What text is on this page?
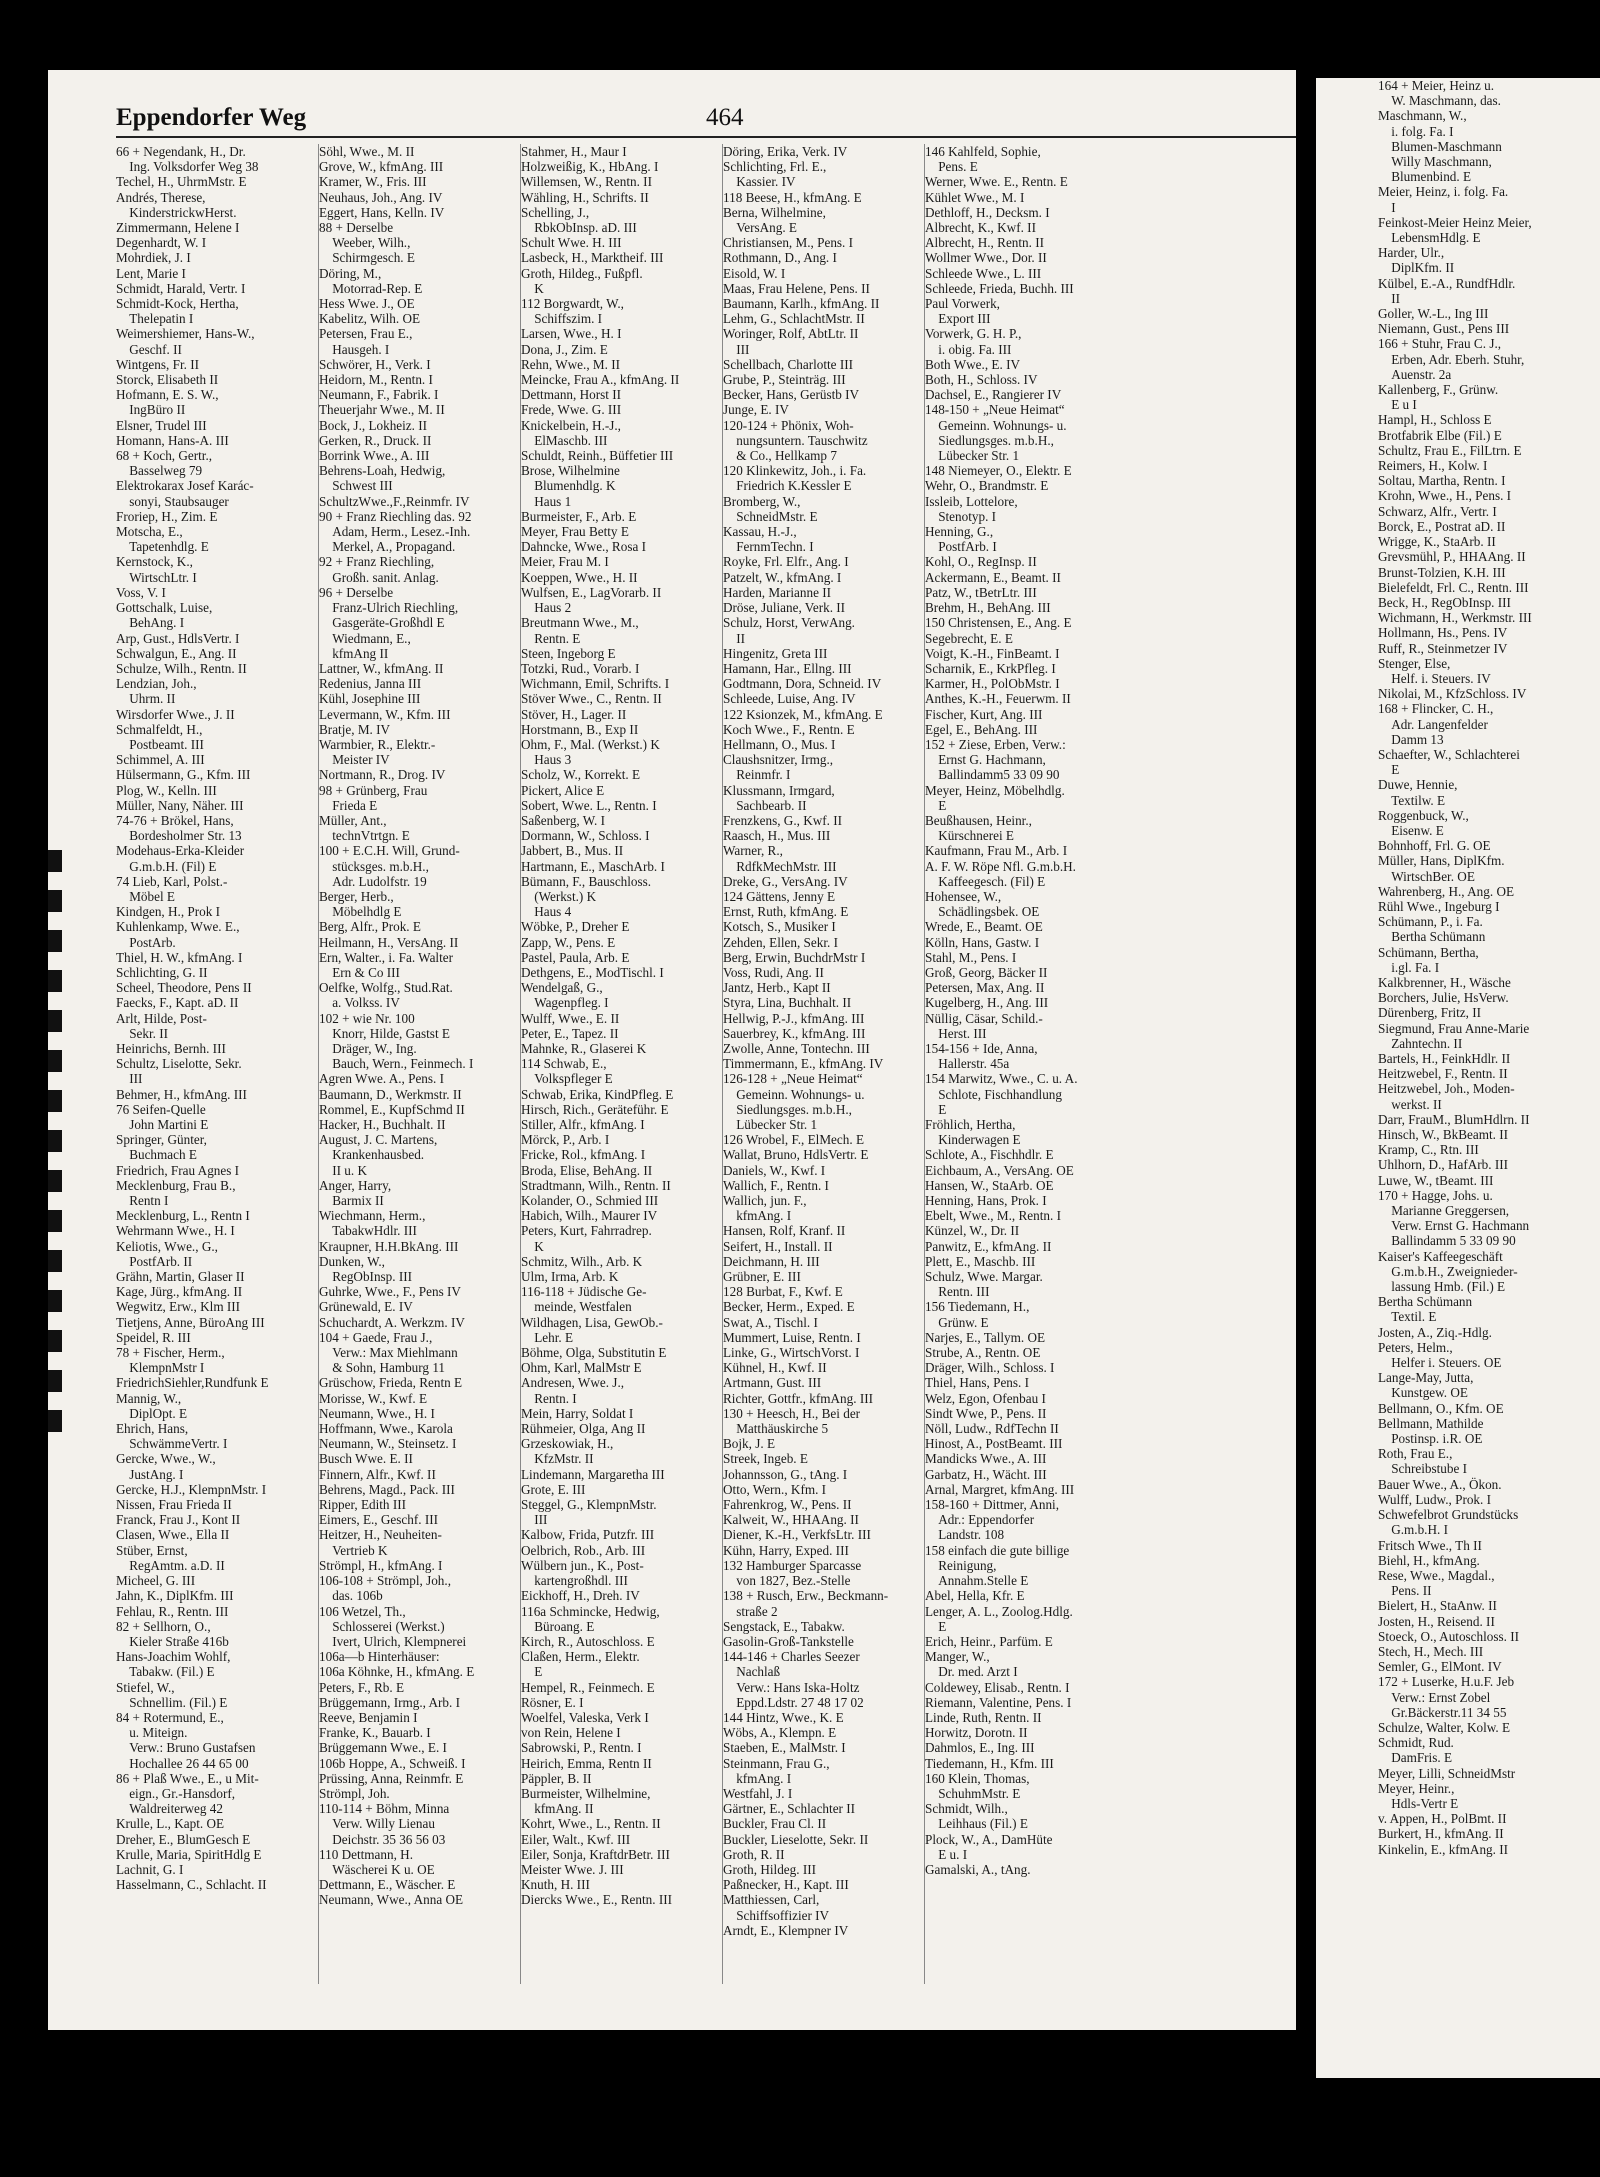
Eppendorfer Weg	464
66 + Negendank, H., Dr.
 Ing. Volksdorfer Weg 38
Techel, H., UhrmMstr. E
Andrés, Therese,
 KinderstrickwHerst.
Zimmermann, Helene I
Degenhardt, W. I
Mohrdiek, J. I
Lent, Marie I
Schmidt, Harald, Vertr. I
Schmidt-Kock, Hertha,
 Thelepatin I
Weimershiemer, Hans-W.,
 Geschf. II
Wintgens, Fr. II
Storck, Elisabeth II
Hofmann, E. S. W.,
 IngBüro II
Elsner, Trudel III
Homann, Hans-A. III
68 + Koch, Gertr.,
 Basselweg 79
Elektrokarax Josef Karác-
 sonyi, Staubsauger
Froriep, H., Zim. E
Motscha, E.,
 Tapetenhdlg. E
Kernstock, K.,
 WirtschLtr. I
Voss, V. I
Gottschalk, Luise,
 BehAng. I
Arp, Gust., HdlsVertr. I
Schwalgun, E., Ang. II
Schulze, Wilh., Rentn. II
Lendzian, Joh.,
 Uhrm. II
Wirsdorfer Wwe., J. II
Schmalfeldt, H.,
 Postbeamt. III
Schimmel, A. III
Hülsermann, G., Kfm. III
Plog, W., Kelln. III
Müller, Nany, Näher. III
74-76 + Brökel, Hans,
 Bordesholmer Str. 13
Modehaus-Erka-Kleider
 G.m.b.H. (Fil) E
74 Lieb, Karl, Polst.-
 Möbel E
Kindgen, H., Prok I
Kuhlenkamp, Wwe. E.,
 PostArb.
Thiel, H. W., kfmAng. I
Schlichting, G. II
Scheel, Theodore, Pens II
Faecks, F., Kapt. aD. II
Arlt, Hilde, Post-
 Sekr. II
Heinrichs, Bernh. III
Schultz, Liselotte, Sekr.
 III
Behmer, H., kfmAng. III
76 Seifen-Quelle
 John Martini E
Springer, Günter,
 Buchmach E
Friedrich, Frau Agnes I
Mecklenburg, Frau B.,
 Rentn I
Mecklenburg, L., Rentn I
Wehrmann Wwe., H. I
Keliotis, Wwe., G.,
 PostfArb. II
Grähn, Martin, Glaser II
Kage, Jürg., kfmAng. II
Wegwitz, Erw., Klm III
Tietjens, Anne, BüroAng III
Speidel, R. III
78 + Fischer, Herm.,
 KlempnMstr I
FriedrichSiehler,Rundfunk E
Mannig, W.,
 DiplOpt. E
Ehrich, Hans,
 SchwämmeVertr. I
Gercke, Wwe., W.,
 JustAng. I
Gercke, H.J., KlempnMstr. I
Nissen, Frau Frieda II
Franck, Frau J., Kont II
Clasen, Wwe., Ella II
Stüber, Ernst,
 RegAmtm. a.D. II
Micheel, G. III
Jahn, K., DiplKfm. III
Fehlau, R., Rentn. III
82 + Sellhorn, O.,
 Kieler Straße 416b
Hans-Joachim Wohlf,
 Tabakw. (Fil.) E
Stiefel, W.,
 Schnellim. (Fil.) E
84 + Rotermund, E.,
 u. Miteign.
 Verw.: Bruno Gustafsen
 Hochallee 26 44 65 00
86 + Plaß Wwe., E., u Mit-
 eign., Gr.-Hansdorf,
 Waldreiterweg 42
Krulle, L., Kapt. OE
Dreher, E., BlumGesch E
Krulle, Maria, SpiritHdlg E
Lachnit, G. I
Hasselmann, C., Schlacht. II
Söhl, Wwe., M. II
Grove, W., kfmAng. III
Kramer, W., Fris. III
Neuhaus, Joh., Ang. IV
Eggert, Hans, Kelln. IV
88 + Derselbe
 Weeber, Wilh.,
 Schirmgesch. E
Döring, M.,
 Motorrad-Rep. E
Hess Wwe. J., OE
Kabelitz, Wilh. OE
Petersen, Frau E.,
 Hausgeh. I
Schwörer, H., Verk. I
Heidorn, M., Rentn. I
Neumann, F., Fabrik. I
Theuerjahr Wwe., M. II
Bock, J., Lokheiz. II
Gerken, R., Druck. II
Borrink Wwe., A. III
Behrens-Loah, Hedwig,
 Schwest III
SchultzWwe.,F.,Reinmfr. IV
90 + Franz Riechling das. 92
 Adam, Herm., Lesez.-Inh.
 Merkel, A., Propagand.
92 + Franz Riechling,
 Großh. sanit. Anlag.
96 + Derselbe
 Franz-Ulrich Riechling,
 Gasgeräte-Großhdl E
 Wiedmann, E.,
 kfmAng II
Lattner, W., kfmAng. II
Redenius, Janna III
Kühl, Josephine III
Levermann, W., Kfm. III
Bratje, M. IV
Warmbier, R., Elektr.-
 Meister IV
Nortmann, R., Drog. IV
98 + Grünberg, Frau
 Frieda E
Müller, Ant.,
 technVtrtgn. E
100 + E.C.H. Will, Grund-
 stücksges. m.b.H.,
 Adr. Ludolfstr. 19
Berger, Herb.,
 Möbelhdlg E
Berg, Alfr., Prok. E
Heilmann, H., VersAng. II
Ern, Walter., i. Fa. Walter
 Ern & Co III
Oelfke, Wolfg., Stud.Rat.
 a. Volkss. IV
102 + wie Nr. 100
 Knorr, Hilde, Gastst E
 Dräger, W., Ing.
 Bauch, Wern., Feinmech. I
Agren Wwe. A., Pens. I
Baumann, D., Werkmstr. II
Rommel, E., KupfSchmd II
Hacker, H., Buchhalt. II
August, J. C. Martens,
 Krankenhausbed.
 II u. K
Anger, Harry,
 Barmix II
Wiechmann, Herm.,
 TabakwHdlr. III
Kraupner, H.H.BkAng. III
Dunken, W.,
 RegObInsp. III
Guhrke, Wwe., F., Pens IV
Grünewald, E. IV
Schuchardt, A. Werkzm. IV
104 + Gaede, Frau J.,
 Verw.: Max Miehlmann
 & Sohn, Hamburg 11
Grüschow, Frieda, Rentn E
Morisse, W., Kwf. E
Neumann, Wwe., H. I
Hoffmann, Wwe., Karola
Neumann, W., Steinsetz. I
Busch Wwe. E. II
Finnern, Alfr., Kwf. II
Behrens, Magd., Pack. III
Ripper, Edith III
Eimers, E., Geschf. III
Heitzer, H., Neuheiten-
 Vertrieb K
Strömpl, H., kfmAng. I
106-108 + Strömpl, Joh.,
 das. 106b
106 Wetzel, Th.,
 Schlosserei (Werkst.)
 Ivert, Ulrich, Klempnerei
106a—b Hinterhäuser:
106a Köhnke, H., kfmAng. E
Peters, F., Rb. E
Brüggemann, Irmg., Arb. I
Reeve, Benjamin I
Franke, K., Bauarb. I
Brüggemann Wwe., E. I
106b Hoppe, A., Schweiß. I
Prüssing, Anna, Reinmfr. E
Strömpl, Joh.
110-114 + Böhm, Minna
 Verw. Willy Lienau
 Deichstr. 35 36 56 03
110 Dettmann, H.
 Wäscherei K u. OE
Dettmann, E., Wäscher. E
Neumann, Wwe., Anna OE
Stahmer, H., Maur I
Holzweißig, K., HbAng. I
Willemsen, W., Rentn. II
Wähling, H., Schrifts. II
Schelling, J.,
 RbkObInsp. aD. III
Schult Wwe. H. III
Lasbeck, H., Marktheif. III
Groth, Hildeg., Fußpfl.
 K
112 Borgwardt, W.,
 Schiffszim. I
Larsen, Wwe., H. I
Dona, J., Zim. E
Rehn, Wwe., M. II
Meincke, Frau A., kfmAng. II
Dettmann, Horst II
Frede, Wwe. G. III
Knickelbein, H.-J.,
 ElMaschb. III
Schuldt, Reinh., Büffetier III
Brose, Wilhelmine
 Blumenhdlg. K
 Haus 1
Burmeister, F., Arb. E
Meyer, Frau Betty E
Dahncke, Wwe., Rosa I
Meier, Frau M. I
Koeppen, Wwe., H. II
Wulfsen, E., LagVorarb. II
 Haus 2
Breutmann Wwe., M.,
 Rentn. E
Steen, Ingeborg E
Totzki, Rud., Vorarb. I
Wichmann, Emil, Schrifts. I
Stöver Wwe., C., Rentn. II
Stöver, H., Lager. II
Horstmann, B., Exp II
Ohm, F., Mal. (Werkst.) K
 Haus 3
Scholz, W., Korrekt. E
Pickert, Alice E
Sobert, Wwe. L., Rentn. I
Saßenberg, W. I
Dormann, W., Schloss. I
Jabbert, B., Mus. II
Hartmann, E., MaschArb. I
Bümann, F., Bauschloss.
 (Werkst.) K
 Haus 4
Wöbke, P., Dreher E
Zapp, W., Pens. E
Pastel, Paula, Arb. E
Dethgens, E., ModTischl. I
Wendelgaß, G.,
 Wagenpfleg. I
Wulff, Wwe., E. II
Peter, E., Tapez. II
Mahnke, R., Glaserei K
114 Schwab, E.,
 Volkspfleger E
Schwab, Erika, KindPfleg. E
Hirsch, Rich., Geräteführ. E
Stiller, Alfr., kfmAng. I
Mörck, P., Arb. I
Fricke, Rol., kfmAng. I
Broda, Elise, BehAng. II
Stradtmann, Wilh., Rentn. II
Kolander, O., Schmied III
Habich, Wilh., Maurer IV
Peters, Kurt, Fahrradrep.
 K
Schmitz, Wilh., Arb. K
Ulm, Irma, Arb. K
116-118 + Jüdische Ge-
 meinde, Westfalen
Wildhagen, Lisa, GewOb.-
 Lehr. E
Böhme, Olga, Substitutin E
Ohm, Karl, MalMstr E
Andresen, Wwe. J.,
 Rentn. I
Mein, Harry, Soldat I
Rühmeier, Olga, Ang II
Grzeskowiak, H.,
 KfzMstr. II
Lindemann, Margaretha III
Grote, E. III
Steggel, G., KlempnMstr.
 III
Kalbow, Frida, Putzfr. III
Oelbrich, Rob., Arb. III
Wülbern jun., K., Post-
 kartengroßhdl. III
Eickhoff, H., Dreh. IV
116a Schmincke, Hedwig,
 Büroang. E
Kirch, R., Autoschloss. E
Claßen, Herm., Elektr.
 E
Hempel, R., Feinmech. E
Rösner, E. I
Woelfel, Valeska, Verk I
von Rein, Helene I
Sabrowski, P., Rentn. I
Heirich, Emma, Rentn II
Päppler, B. II
Burmeister, Wilhelmine,
 kfmAng. II
Kohrt, Wwe., L., Rentn. II
Eiler, Walt., Kwf. III
Eiler, Sonja, KraftdrBetr. III
Meister Wwe. J. III
Knuth, H. III
Diercks Wwe., E., Rentn. III
Döring, Erika, Verk. IV
Schlichting, Frl. E.,
 Kassier. IV
118 Beese, H., kfmAng. E
Berna, Wilhelmine,
 VersAng. E
Christiansen, M., Pens. I
Rothmann, D., Ang. I
Eisold, W. I
Maas, Frau Helene, Pens. II
Baumann, Karlh., kfmAng. II
Lehm, G., SchlachtMstr. II
Woringer, Rolf, AbtLtr. II
 III
Schellbach, Charlotte III
Grube, P., Steinträg. III
Becker, Hans, Gerüstb IV
Junge, E. IV
120-124 + Phönix, Woh-
 nungsuntern. Tauschwitz
 & Co., Hellkamp 7
120 Klinkewitz, Joh., i. Fa.
 Friedrich K.Kessler E
Bromberg, W.,
 SchneidMstr. E
Kassau, H.-J.,
 FernmTechn. I
Royke, Frl. Elfr., Ang. I
Patzelt, W., kfmAng. I
Harden, Marianne II
Dröse, Juliane, Verk. II
Schulz, Horst, VerwAng.
 II
Hingenitz, Greta III
Hamann, Har., Ellng. III
Godtmann, Dora, Schneid. IV
Schleede, Luise, Ang. IV
122 Ksionzek, M., kfmAng. E
Koch Wwe., F., Rentn. E
Hellmann, O., Mus. I
Claushsnitzer, Irmg.,
 Reinmfr. I
Klussmann, Irmgard,
 Sachbearb. II
Frenzkens, G., Kwf. II
Raasch, H., Mus. III
Warner, R.,
 RdfkMechMstr. III
Dreke, G., VersAng. IV
124 Gättens, Jenny E
Ernst, Ruth, kfmAng. E
Kotsch, S., Musiker I
Zehden, Ellen, Sekr. I
Berg, Erwin, BuchdrMstr I
Voss, Rudi, Ang. II
Jantz, Herb., Kapt II
Styra, Lina, Buchhalt. II
Hellwig, P.-J., kfmAng. III
Sauerbrey, K., kfmAng. III
Zwolle, Anne, Tontechn. III
Timmermann, E., kfmAng. IV
126-128 + „Neue Heimat“
 Gemeinn. Wohnungs- u.
 Siedlungsges. m.b.H.,
 Lübecker Str. 1
126 Wrobel, F., ElMech. E
Wallat, Bruno, HdlsVertr. E
Daniels, W., Kwf. I
Wallich, F., Rentn. I
Wallich, jun. F.,
 kfmAng. I
Hansen, Rolf, Kranf. II
Seifert, H., Install. II
Deichmann, H. III
Grübner, E. III
128 Burbat, F., Kwf. E
Becker, Herm., Exped. E
Swat, A., Tischl. I
Mummert, Luise, Rentn. I
Linke, G., WirtschVorst. I
Kühnel, H., Kwf. II
Artmann, Gust. III
Richter, Gottfr., kfmAng. III
130 + Heesch, H., Bei der
 Matthäuskirche 5
Bojk, J. E
Streek, Ingeb. E
Johannsson, G., tAng. I
Otto, Wern., Kfm. I
Fahrenkrog, W., Pens. II
Kalweit, W., HHAAng. II
Diener, K.-H., VerkfsLtr. III
Kühn, Harry, Exped. III
132 Hamburger Sparcasse
 von 1827, Bez.-Stelle
138 + Rusch, Erw., Beckmann-
 straße 2
Sengstack, E., Tabakw.
Gasolin-Groß-Tankstelle
144-146 + Charles Seezer
 Nachlaß
 Verw.: Hans Iska-Holtz
 Eppd.Ldstr. 27 48 17 02
144 Hintz, Wwe., K. E
Wöbs, A., Klempn. E
Staeben, E., MalMstr. I
Steinmann, Frau G.,
 kfmAng. I
Westfahl, J. I
Gärtner, E., Schlachter II
Buckler, Frau Cl. II
Buckler, Lieselotte, Sekr. II
Groth, R. II
Groth, Hildeg. III
Paßnecker, H., Kapt. III
Matthiessen, Carl,
 Schiffsoffizier IV
Arndt, E., Klempner IV
146 Kahlfeld, Sophie,
 Pens. E
Werner, Wwe. E., Rentn. E
Kühlet Wwe., M. I
Dethloff, H., Decksm. I
Albrecht, K., Kwf. II
Albrecht, H., Rentn. II
Wollmer Wwe., Dor. II
Schleede Wwe., L. III
Schleede, Frieda, Buchh. III
Paul Vorwerk,
 Export III
Vorwerk, G. H. P.,
 i. obig. Fa. III
Both Wwe., E. IV
Both, H., Schloss. IV
Dachsel, E., Rangierer IV
148-150 + „Neue Heimat“
 Gemeinn. Wohnungs- u.
 Siedlungsges. m.b.H.,
 Lübecker Str. 1
148 Niemeyer, O., Elektr. E
Wehr, O., Brandmstr. E
Issleib, Lottelore,
 Stenotyp. I
Henning, G.,
 PostfArb. I
Kohl, O., RegInsp. II
Ackermann, E., Beamt. II
Patz, W., tBetrLtr. III
Brehm, H., BehAng. III
150 Christensen, E., Ang. E
Segebrecht, E. E
Voigt, K.-H., FinBeamt. I
Scharnik, E., KrkPfleg. I
Karmer, H., PolObMstr. I
Anthes, K.-H., Feuerwm. II
Fischer, Kurt, Ang. III
Egel, E., BehAng. III
152 + Ziese, Erben, Verw.:
 Ernst G. Hachmann,
 Ballindamm5 33 09 90
Meyer, Heinz, Möbelhdlg.
 E
Beußhausen, Heinr.,
 Kürschnerei E
Kaufmann, Frau M., Arb. I
A. F. W. Röpe Nfl. G.m.b.H.
 Kaffeegesch. (Fil) E
Hohensee, W.,
 Schädlingsbek. OE
Wrede, E., Beamt. OE
Kölln, Hans, Gastw. I
Stahl, M., Pens. I
Groß, Georg, Bäcker II
Petersen, Max, Ang. II
Kugelberg, H., Ang. III
Nüllig, Cäsar, Schild.-
 Herst. III
154-156 + Ide, Anna,
 Hallerstr. 45a
154 Marwitz, Wwe., C. u. A.
 Schlote, Fischhandlung
 E
Fröhlich, Hertha,
 Kinderwagen E
Schlote, A., Fischhdlr. E
Eichbaum, A., VersAng. OE
Hansen, W., StaArb. OE
Henning, Hans, Prok. I
Ebelt, Wwe., M., Rentn. I
Künzel, W., Dr. II
Panwitz, E., kfmAng. II
Plett, E., Maschb. III
Schulz, Wwe. Margar.
 Rentn. III
156 Tiedemann, H.,
 Grünw. E
Narjes, E., Tallym. OE
Strube, A., Rentn. OE
Dräger, Wilh., Schloss. I
Thiel, Hans, Pens. I
Welz, Egon, Ofenbau I
Sindt Wwe, P., Pens. II
Nöll, Ludw., RdfTechn II
Hinost, A., PostBeamt. III
Mandicks Wwe., A. III
Garbatz, H., Wächt. III
Arnal, Margret, kfmAng. III
158-160 + Dittmer, Anni,
 Adr.: Eppendorfer
 Landstr. 108
158 einfach die gute billige
 Reinigung,
 Annahm.Stelle E
Abel, Hella, Kfr. E
Lenger, A. L., Zoolog.Hdlg.
 E
Erich, Heinr., Parfüm. E
Manger, W.,
 Dr. med. Arzt I
Coldewey, Elisab., Rentn. I
Riemann, Valentine, Pens. I
Linde, Ruth, Rentn. II
Horwitz, Dorotn. II
Dahmlos, E., Ing. III
Tiedemann, H., Kfm. III
160 Klein, Thomas,
 SchuhmMstr. E
Schmidt, Wilh.,
 Leihhaus (Fil.) E
Plock, W., A., DamHüte
 E u. I
Gamalski, A., tAng.
164 + Meier, Heinz u.
 W. Maschmann, das.
Maschmann, W.,
 i. folg. Fa. I
 Blumen-Maschmann
 Willy Maschmann,
 Blumenbind. E
Meier, Heinz, i. folg. Fa.
 I
Feinkost-Meier Heinz Meier,
 LebensmHdlg. E
Harder, Ulr.,
 DiplKfm. II
Külbel, E.-A., RundfHdlr.
 II
Goller, W.-L., Ing III
Niemann, Gust., Pens III
166 + Stuhr, Frau C. J.,
 Erben, Adr. Eberh. Stuhr,
 Auenstr. 2a
Kallenberg, F., Grünw.
 E u I
Hampl, H., Schloss E
Brotfabrik Elbe (Fil.) E
Schultz, Frau E., FilLtrn. E
Reimers, H., Kolw. I
Soltau, Martha, Rentn. I
Krohn, Wwe., H., Pens. I
Schwarz, Alfr., Vertr. I
Borck, E., Postrat aD. II
Wrigge, K., StaArb. II
Grevsmühl, P., HHAAng. II
Brunst-Tolzien, K.H. III
Bielefeldt, Frl. C., Rentn. III
Beck, H., RegObInsp. III
Wichmann, H., Werkmstr. III
Hollmann, Hs., Pens. IV
Ruff, R., Steinmetzer IV
Stenger, Else,
 Helf. i. Steuers. IV
Nikolai, M., KfzSchloss. IV
168 + Flincker, C. H.,
 Adr. Langenfelder
 Damm 13
Schaefter, W., Schlachterei
 E
Duwe, Hennie,
 Textilw. E
Roggenbuck, W.,
 Eisenw. E
Bohnhoff, Frl. G. OE
Müller, Hans, DiplKfm.
 WirtschBer. OE
Wahrenberg, H., Ang. OE
Rühl Wwe., Ingeburg I
Schümann, P., i. Fa.
 Bertha Schümann
Schümann, Bertha,
 i.gl. Fa. I
Kalkbrenner, H., Wäsche
Borchers, Julie, HsVerw.
Dürenberg, Fritz, II
Siegmund, Frau Anne-Marie
 Zahntechn. II
Bartels, H., FeinkHdlr. II
Heitzwebel, F., Rentn. II
Heitzwebel, Joh., Moden-
 werkst. II
Darr, FrauM., BlumHdlrn. II
Hinsch, W., BkBeamt. II
Kramp, C., Rtn. III
Uhlhorn, D., HafArb. III
Luwe, W., tBeamt. III
170 + Hagge, Johs. u.
 Marianne Greggersen,
 Verw. Ernst G. Hachmann
 Ballindamm 5 33 09 90
Kaiser's Kaffeegeschäft
 G.m.b.H., Zweignieder-
 lassung Hmb. (Fil.) E
Bertha Schümann
 Textil. E
Josten, A., Ziq.-Hdlg.
Peters, Helm.,
 Helfer i. Steuers. OE
Lange-May, Jutta,
 Kunstgew. OE
Bellmann, O., Kfm. OE
Bellmann, Mathilde
 Postinsp. i.R. OE
Roth, Frau E.,
 Schreibstube I
Bauer Wwe., A., Ökon.
Wulff, Ludw., Prok. I
Schwefelbrot Grundstücks
 G.m.b.H. I
Fritsch Wwe., Th II
Biehl, H., kfmAng.
Rese, Wwe., Magdal.,
 Pens. II
Bielert, H., StaAnw. II
Josten, H., Reisend. II
Stoeck, O., Autoschloss. II
Stech, H., Mech. III
Semler, G., ElMont. IV
172 + Luserke, H.u.F. Jeb
 Verw.: Ernst Zobel
 Gr.Bäckerstr.11 34 55
Schulze, Walter, Kolw. E
Schmidt, Rud.
 DamFris. E
Meyer, Lilli, SchneidMstr
Meyer, Heinr.,
 Hdls-Vertr E
v. Appen, H., PolBmt. II
Burkert, H., kfmAng. II
Kinkelin, E., kfmAng. II
